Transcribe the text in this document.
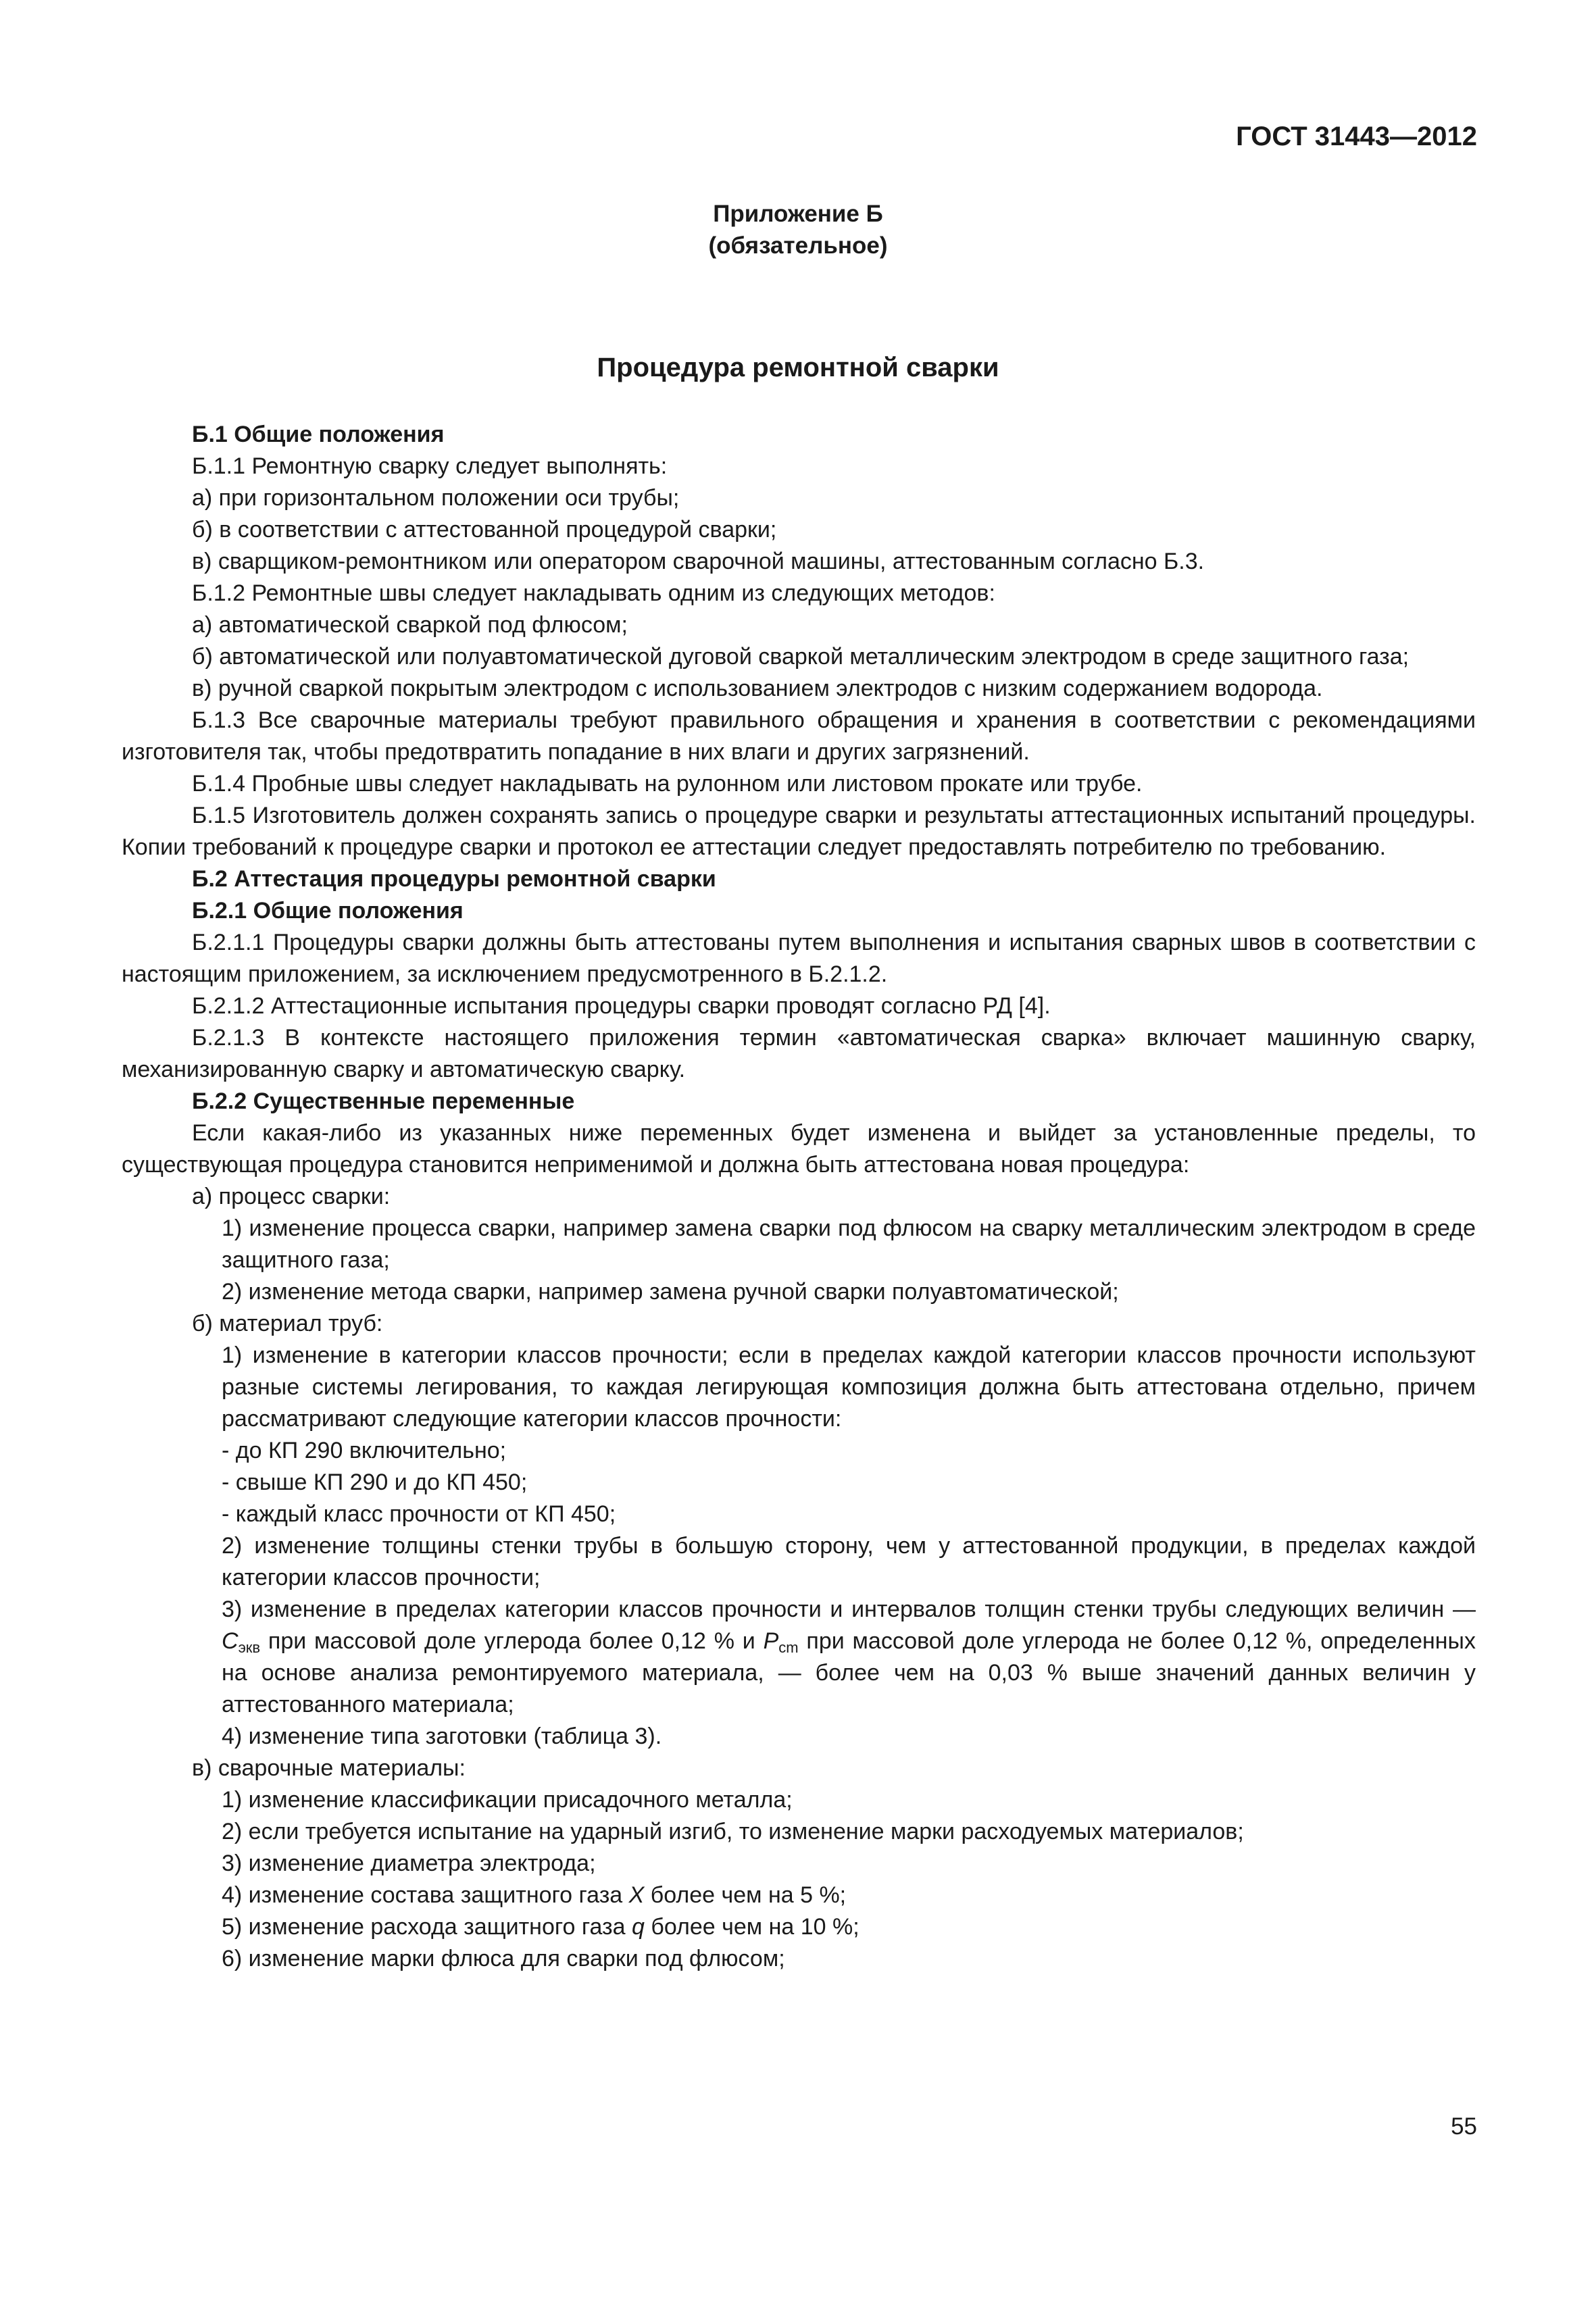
ГОСТ 31443—2012
Приложение Б
(обязательное)
Процедура ремонтной сварки

Б.1 Общие положения

Б.1.1 Ремонтную сварку следует выполнять:

а) при горизонтальном положении оси трубы;

б) в соответствии с аттестованной процедурой сварки;

в) сварщиком-ремонтником или оператором сварочной машины, аттестованным согласно Б.3.

Б.1.2 Ремонтные швы следует накладывать одним из следующих методов:

а) автоматической сваркой под флюсом;

б) автоматической или полуавтоматической дуговой сваркой металлическим электродом в среде защитного газа;

в) ручной сваркой покрытым электродом с использованием электродов с низким содержанием водорода.

Б.1.3 Все сварочные материалы требуют правильного обращения и хранения в соответствии с рекомендациями изготовителя так, чтобы предотвратить попадание в них влаги и других загрязнений.

Б.1.4 Пробные швы следует накладывать на рулонном или листовом прокате или трубе.

Б.1.5 Изготовитель должен сохранять запись о процедуре сварки и результаты аттестационных испытаний процедуры. Копии требований к процедуре сварки и протокол ее аттестации следует предоставлять потребителю по требованию.

Б.2 Аттестация процедуры ремонтной сварки

Б.2.1 Общие положения

Б.2.1.1 Процедуры сварки должны быть аттестованы путем выполнения и испытания сварных швов в соответствии с настоящим приложением, за исключением предусмотренного в Б.2.1.2.

Б.2.1.2 Аттестационные испытания процедуры сварки проводят согласно РД [4].

Б.2.1.3 В контексте настоящего приложения термин «автоматическая сварка» включает машинную сварку, механизированную сварку и автоматическую сварку.

Б.2.2 Существенные переменные

Если какая-либо из указанных ниже переменных будет изменена и выйдет за установленные пределы, то существующая процедура становится неприменимой и должна быть аттестована новая процедура:

а) процесс сварки:

1) изменение процесса сварки, например замена сварки под флюсом на сварку металлическим электродом в среде защитного газа;

2) изменение метода сварки, например замена ручной сварки полуавтоматической;

б) материал труб:

1) изменение в категории классов прочности; если в пределах каждой категории классов прочности используют разные системы легирования, то каждая легирующая композиция должна быть аттестована отдельно, причем рассматривают следующие категории классов прочности:

- до КП 290 включительно;

- свыше КП 290 и до КП 450;

- каждый класс прочности от КП 450;

2) изменение толщины стенки трубы в большую сторону, чем у аттестованной продукции, в пределах каждой категории классов прочности;

3) изменение в пределах категории классов прочности и интервалов толщин стенки трубы следующих величин — $C_{экв}$ при массовой доле углерода более 0,12 % и $P_{cm}$ при массовой доле углерода не более 0,12 %, определенных на основе анализа ремонтируемого материала, — более чем на 0,03 % выше значений данных величин у аттестованного материала;

4) изменение типа заготовки (таблица 3).

в) сварочные материалы:

1) изменение классификации присадочного металла;

2) если требуется испытание на ударный изгиб, то изменение марки расходуемых материалов;

3) изменение диаметра электрода;

4) изменение состава защитного газа X более чем на 5 %;

5) изменение расхода защитного газа q более чем на 10 %;

6) изменение марки флюса для сварки под флюсом;

55
